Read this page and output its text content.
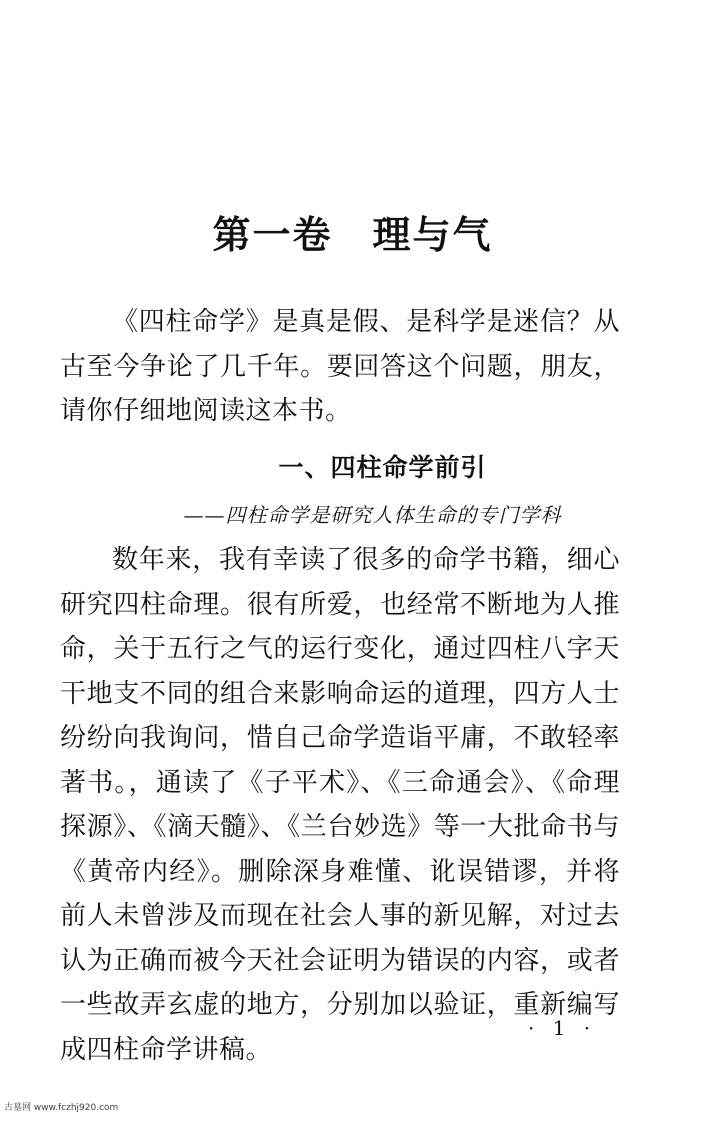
第一卷 理与气
《四柱命学》是真是假、是科学是迷信？从古至今争论了几千年。要回答这个问题，朋友，请你仔细地阅读这本书。
一、四柱命学前引
——四柱命学是研究人体生命的专门学科
数年来，我有幸读了很多的命学书籍，细心研究四柱命理。很有所爱，也经常不断地为人推命，关于五行之气的运行变化，通过四柱八字天干地支不同的组合来影响命运的道理，四方人士纷纷向我询问，惜自己命学造诣平庸，不敢轻率著书。，通读了《子平术》、《三命通会》、《命理探源》、《滴天髓》、《兰台妙选》等一大批命书与《黄帝内经》。删除深身难懂、讹误错谬，并将前人未曾涉及而现在社会人事的新见解，对过去认为正确而被今天社会证明为错误的内容，或者一些故弄玄虚的地方，分别加以验证，重新编写成四柱命学讲稿。
· 1 ·
古墓网 www.fczhj920.com
